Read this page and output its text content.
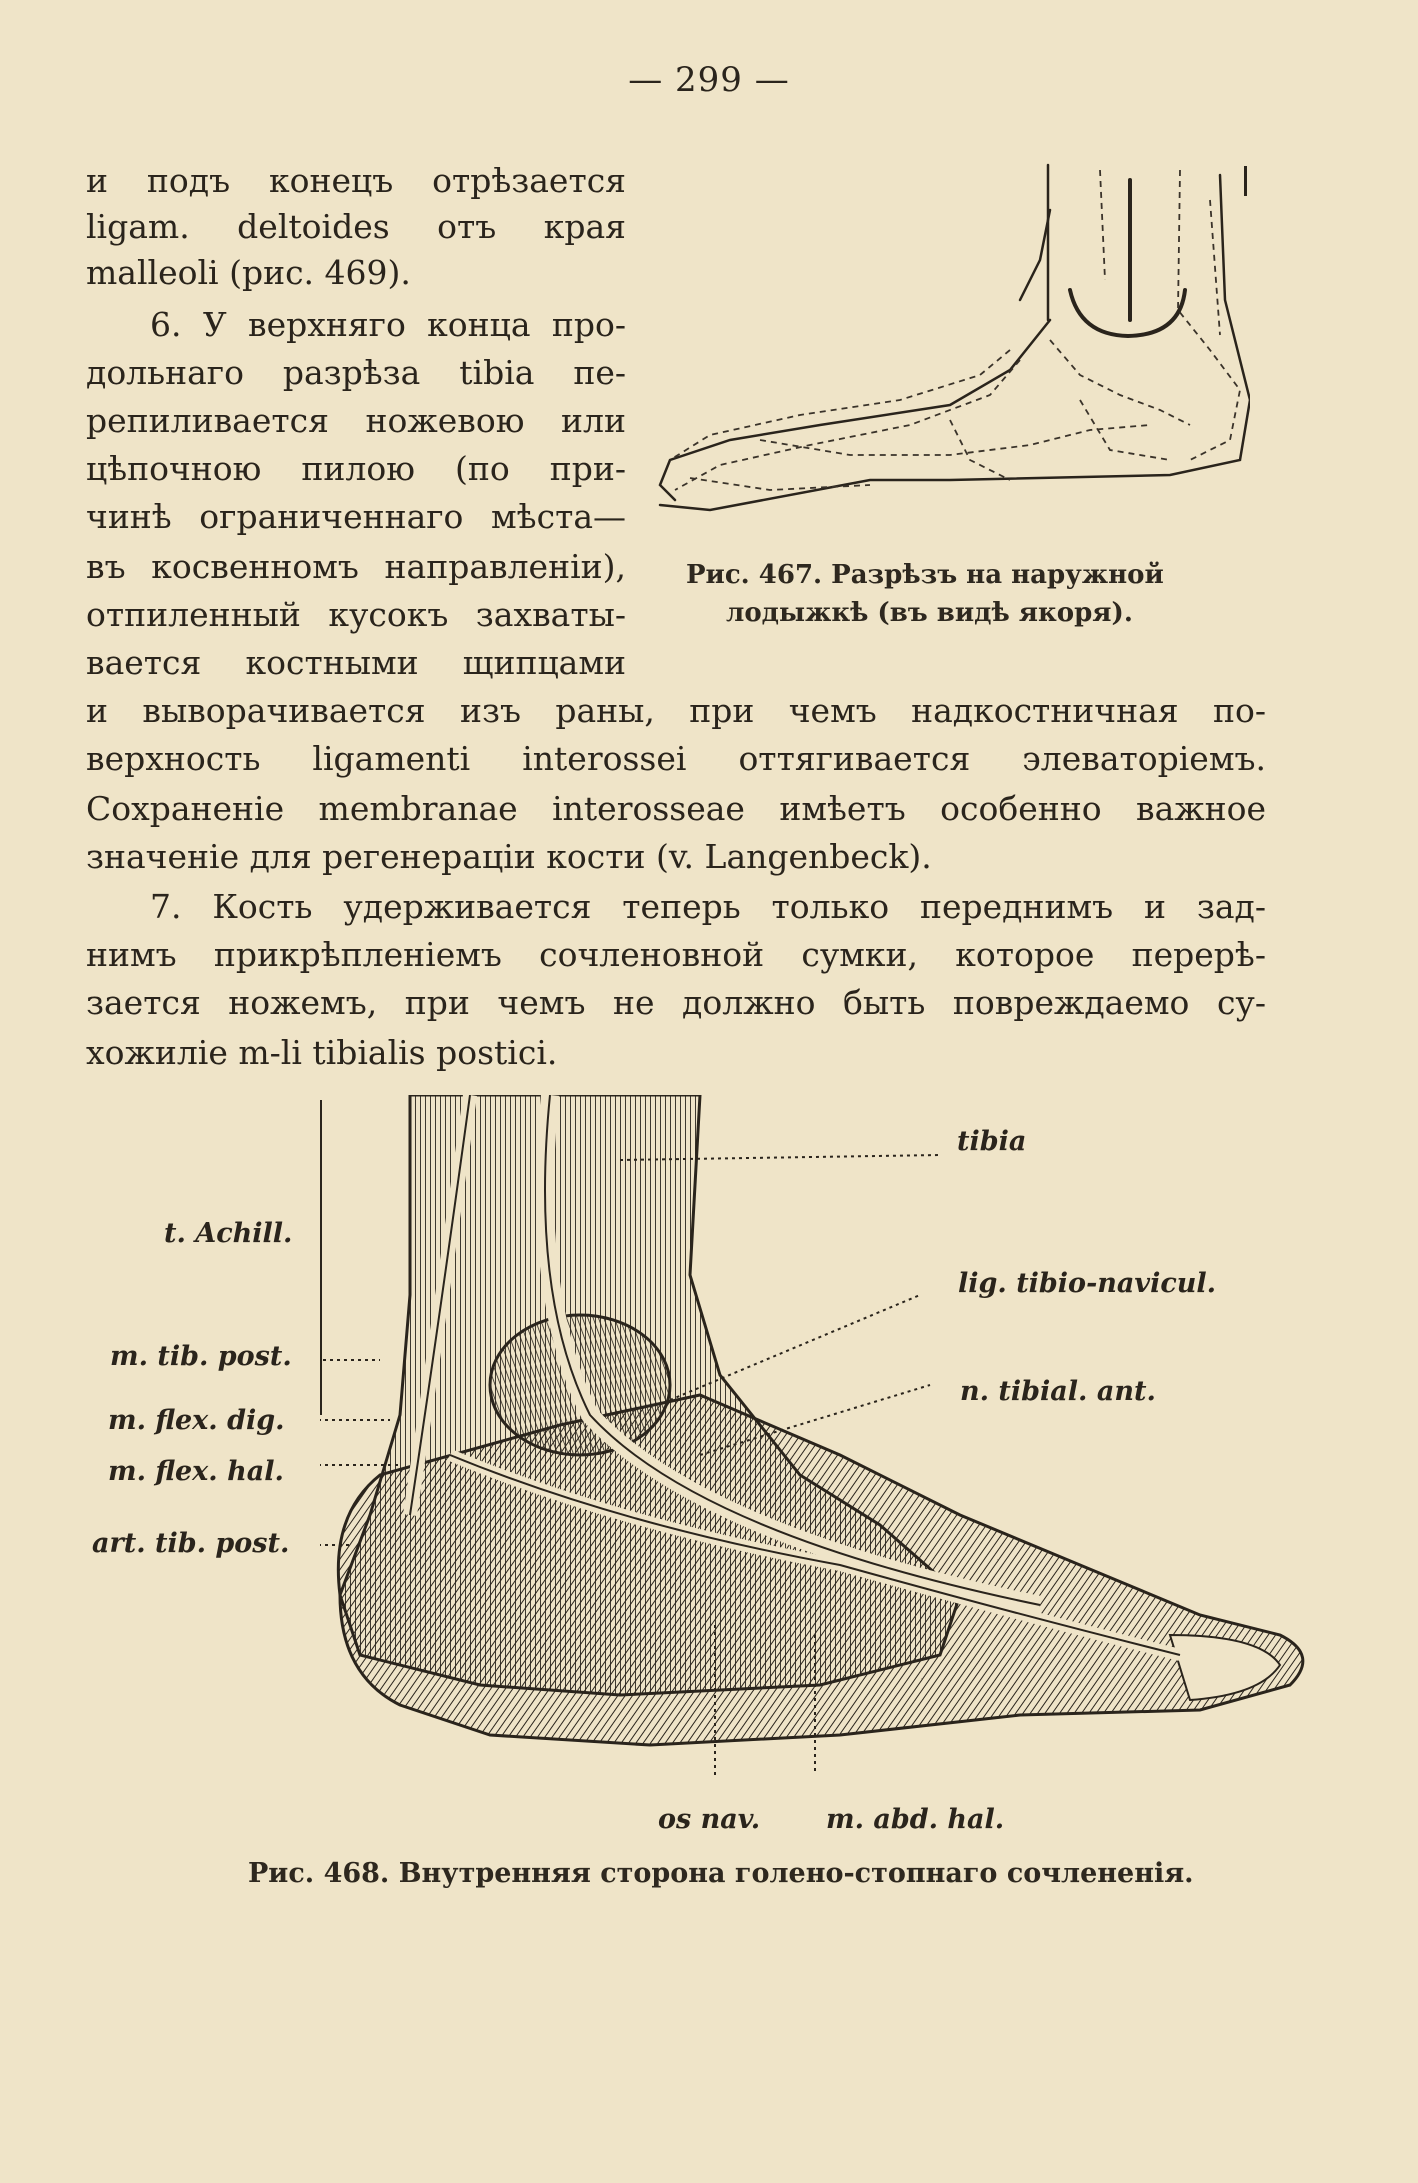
— 299 —
и подъ конецъ отрѣзается
ligam. deltoides отъ края
malleoli (рис. 469).
6. У верхняго конца про-
дольнаго разрѣза tibia пе-
репиливается ножевою или
цѣпочною пилою (по при-
чинѣ ограниченнаго мѣста—
въ косвенномъ направленіи),
отпиленный кусокъ захваты-
вается костными щипцами
и выворачивается изъ раны, при чемъ надкостничная по-
верхность ligamenti interossei оттягивается элеваторіемъ.
Сохраненіе membranae interosseae имѣетъ особенно важное
значеніе для регенераціи кости (v. Langenbeck).
7. Кость удерживается теперь только переднимъ и зад-
нимъ прикрѣпленіемъ сочленовной сумки, которое перерѣ-
зается ножемъ, при чемъ не должно быть повреждаемо су-
хожиліе m-li tibialis postici.
Рис. 467. Разрѣзъ на наружной
лодыжкѣ (въ видѣ якоря).
tibia
lig. tibio-navicul.
n. tibial. ant.
t. Achill.
m. tib. post.
m. flex. dig.
m. flex. hal.
art. tib. post.
os nav. m. abd. hal.
Рис. 468. Внутренняя сторона голено-стопнаго сочлененія.
